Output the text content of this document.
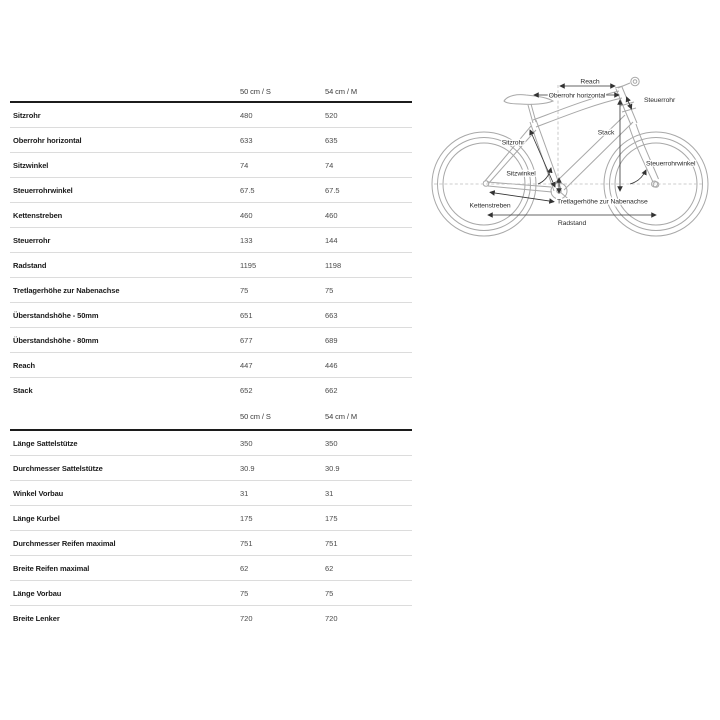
50 cm / S	54 cm / M
Sitzrohr	480	520
Oberrohr horizontal	633	635
Sitzwinkel	74	74
Steuerrohrwinkel	67.5	67.5
Kettenstreben	460	460
Steuerrohr	133	144
Radstand	1195	1198
Tretlagerhöhe zur Nabenachse	75	75
Überstandshöhe - 50mm	651	663
Überstandshöhe - 80mm	677	689
Reach	447	446
Stack	652	662
50 cm / S	54 cm / M
Länge Sattelstütze	350	350
Durchmesser Sattelstütze	30.9	30.9
Winkel Vorbau	31	31
Länge Kurbel	175	175
Durchmesser Reifen maximal	751	751
Breite Reifen maximal	62	62
Länge Vorbau	75	75
Breite Lenker	720	720
Reach
Oberrohr horizontal
Steuerrohr
Stack
Sitzrohr
Sitzwinkel
Steuerrohrwinkel
Tretlagerhöhe zur Nabenachse
Kettenstreben
Radstand
